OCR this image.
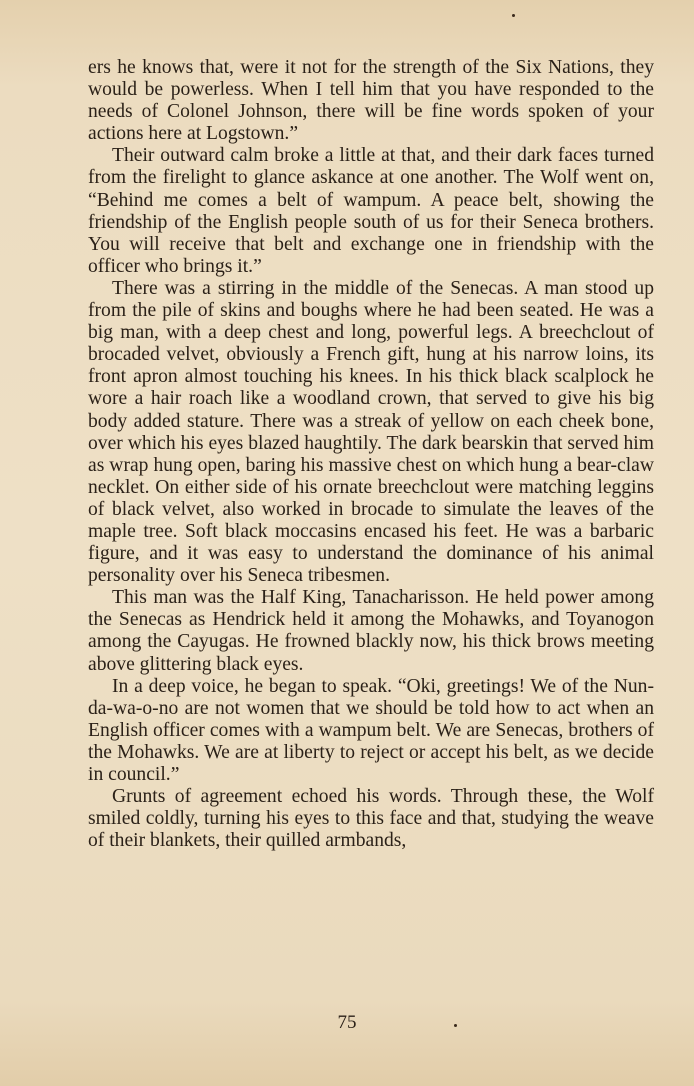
ers he knows that, were it not for the strength of the Six Nations, they would be powerless. When I tell him that you have responded to the needs of Colonel Johnson, there will be fine words spoken of your actions here at Logstown.”

Their outward calm broke a little at that, and their dark faces turned from the firelight to glance askance at one another. The Wolf went on, “Behind me comes a belt of wampum. A peace belt, showing the friendship of the English people south of us for their Seneca brothers. You will receive that belt and exchange one in friendship with the officer who brings it.”

There was a stirring in the middle of the Senecas. A man stood up from the pile of skins and boughs where he had been seated. He was a big man, with a deep chest and long, powerful legs. A breechclout of brocaded velvet, obviously a French gift, hung at his narrow loins, its front apron almost touching his knees. In his thick black scalplock he wore a hair roach like a woodland crown, that served to give his big body added stature. There was a streak of yellow on each cheek bone, over which his eyes blazed haughtily. The dark bearskin that served him as wrap hung open, baring his massive chest on which hung a bear-claw necklet. On either side of his ornate breechclout were matching leggins of black velvet, also worked in brocade to simulate the leaves of the maple tree. Soft black moccasins encased his feet. He was a barbaric figure, and it was easy to understand the dominance of his animal personality over his Seneca tribesmen.

This man was the Half King, Tanacharisson. He held power among the Senecas as Hendrick held it among the Mohawks, and Toyanogon among the Cayugas. He frowned blackly now, his thick brows meeting above glittering black eyes.

In a deep voice, he began to speak. “Oki, greetings! We of the Nun-da-wa-o-no are not women that we should be told how to act when an English officer comes with a wampum belt. We are Senecas, brothers of the Mohawks. We are at liberty to reject or accept his belt, as we decide in council.”

Grunts of agreement echoed his words. Through these, the Wolf smiled coldly, turning his eyes to this face and that, studying the weave of their blankets, their quilled armbands,

75
